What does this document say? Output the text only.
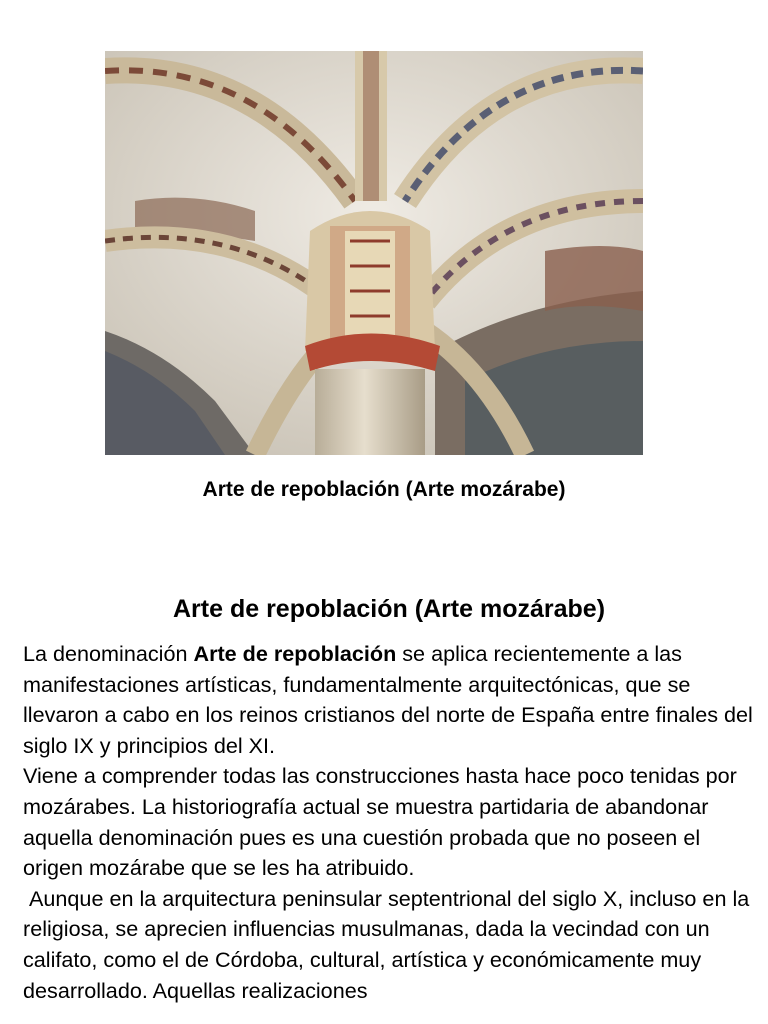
Arte de repoblación (Arte mozárabe)
Arte de repoblación (Arte mozárabe)

La denominación Arte de repoblación se aplica recientemente a las manifestaciones artísticas, fundamentalmente arquitectónicas, que se llevaron a cabo en los reinos cristianos del norte de España entre finales del siglo IX y principios del XI.

Viene a comprender todas las construcciones hasta hace poco tenidas por mozárabes. La historiografía actual se muestra partidaria de abandonar aquella denominación pues es una cuestión probada que no poseen el origen mozárabe que se les ha atribuido.

Aunque en la arquitectura peninsular septentrional del siglo X, incluso en la religiosa, se aprecien influencias musulmanas, dada la vecindad con un califato, como el de Córdoba, cultural, artística y económicamente muy desarrollado. Aquellas realizaciones
